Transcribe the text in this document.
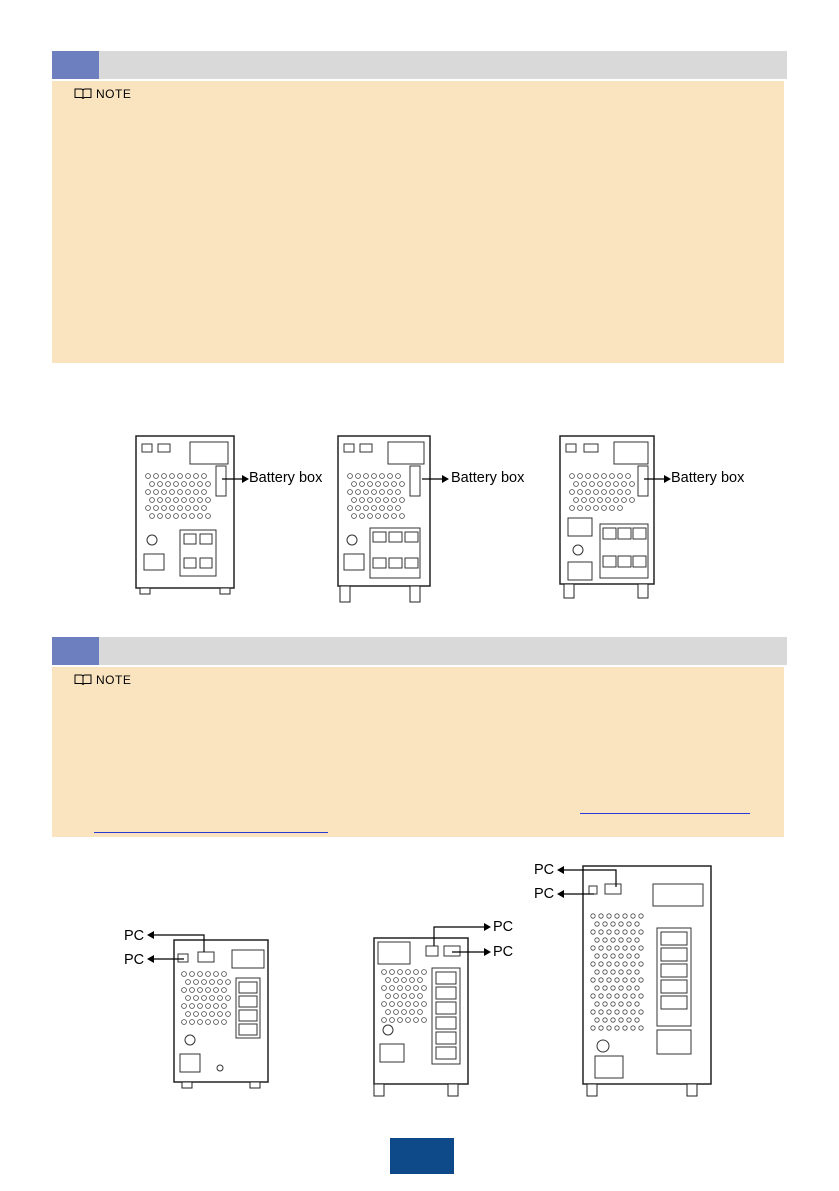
NOTE
Battery box	Battery box	Battery box
NOTE
PC
PC
PC
PC
PC
PC
